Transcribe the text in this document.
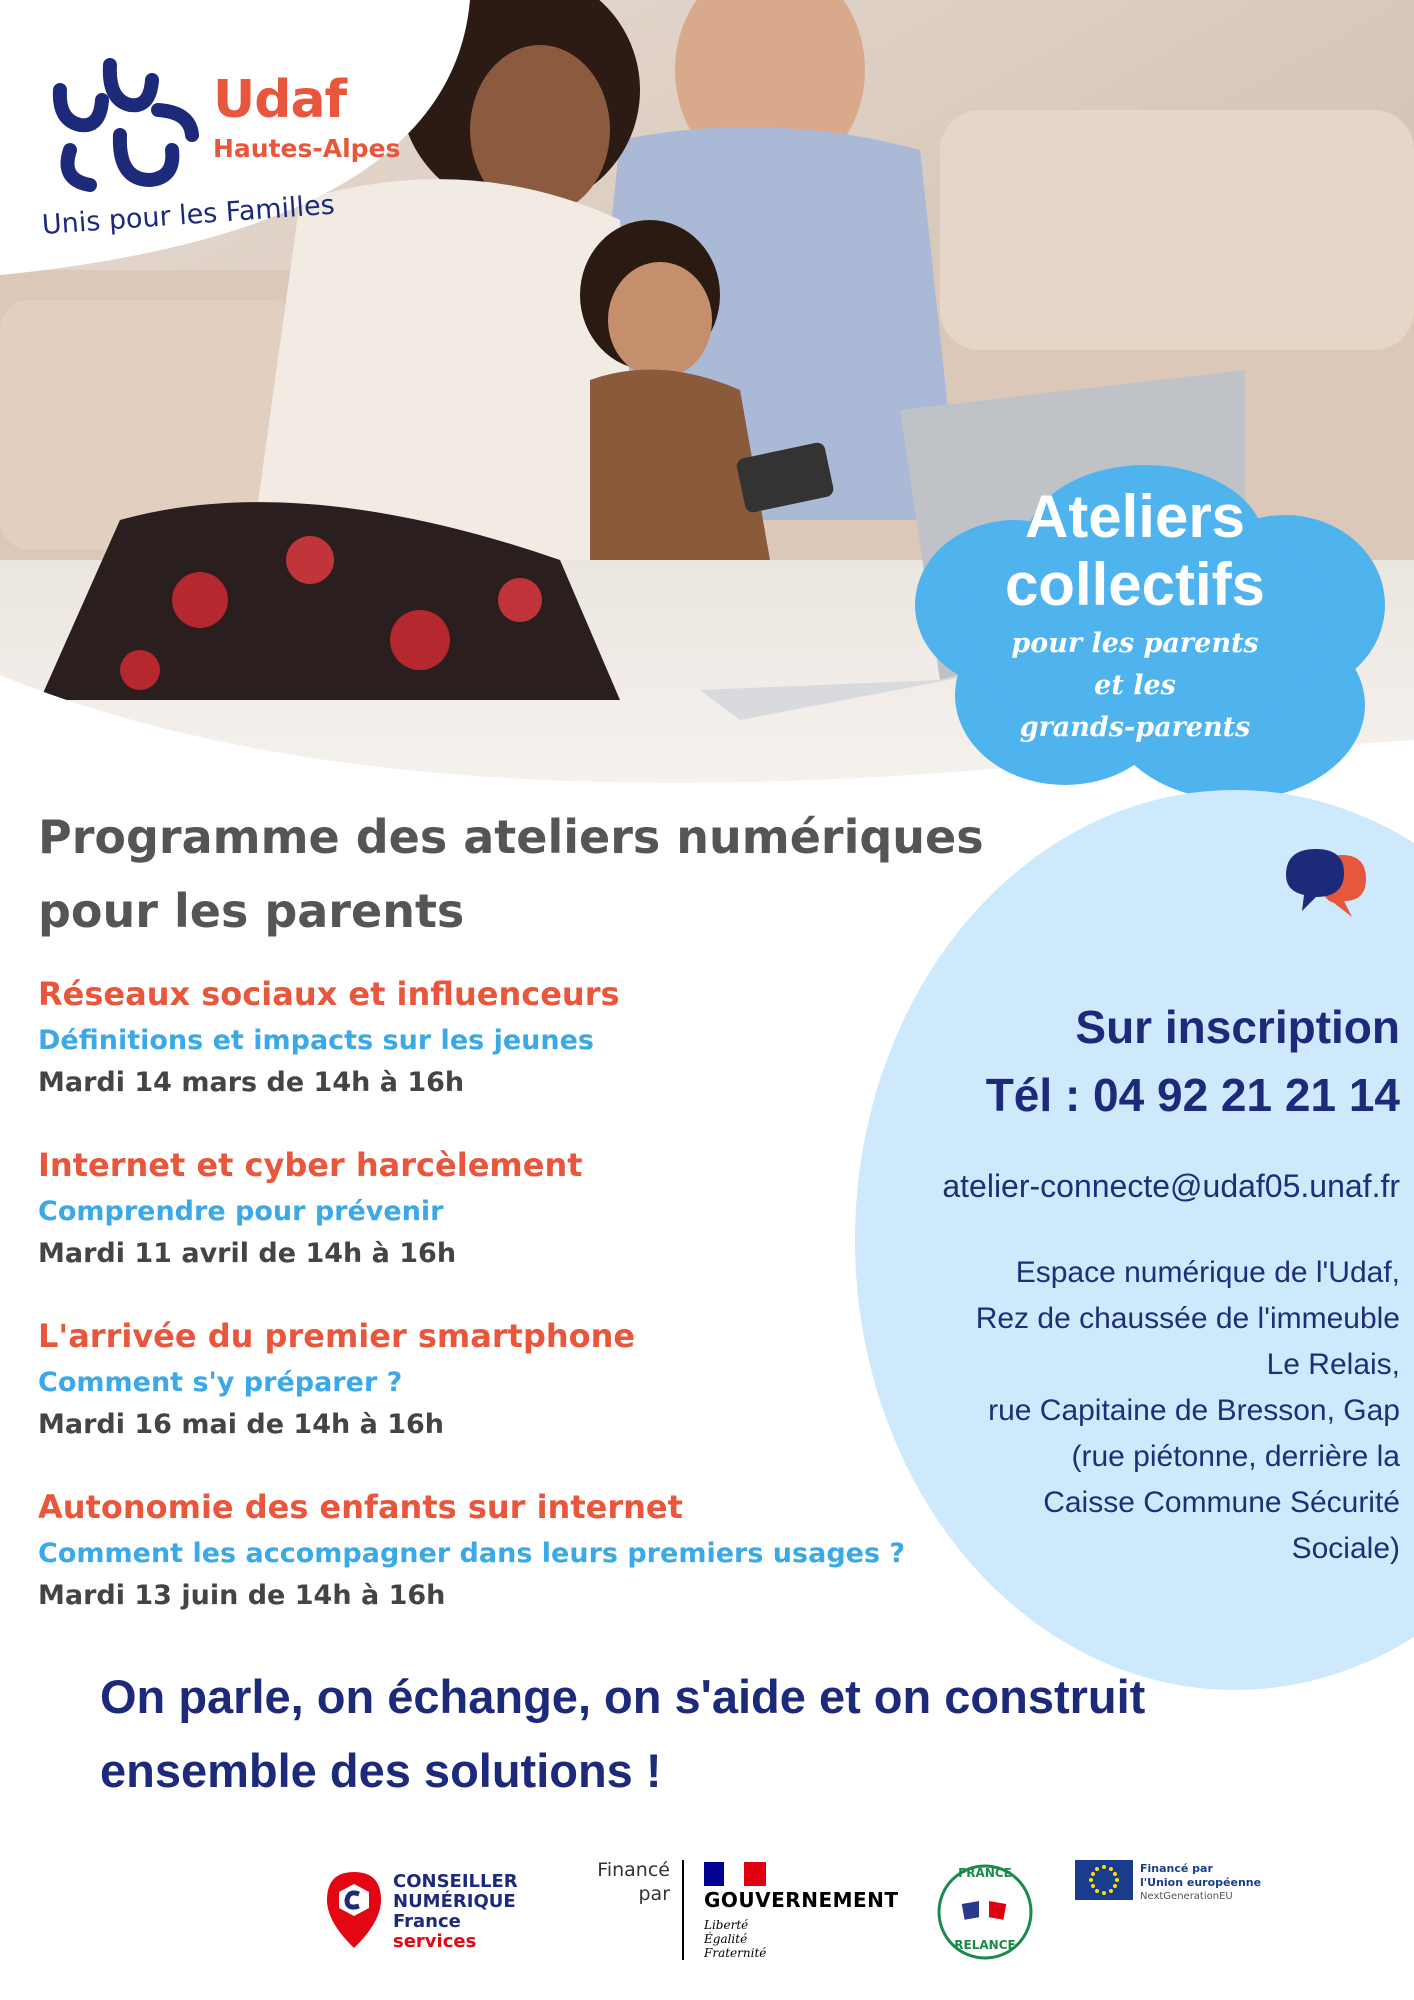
Udaf
Hautes-Alpes
Unis pour les Familles
Ateliers
collectifs
pour les parents
et les
grands-parents
Sur inscription
Tél : 04 92 21 21 14
atelier-connecte@udaf05.unaf.fr
Espace numérique de l'Udaf,
Rez de chaussée de l'immeuble
Le Relais,
rue Capitaine de Bresson, Gap
(rue piétonne, derrière la
Caisse Commune Sécurité
Sociale)
Programme des ateliers numériques pour les parents
Réseaux sociaux et influenceurs
Définitions et impacts sur les jeunes
Mardi 14 mars de 14h à 16h
Internet et cyber harcèlement
Comprendre pour prévenir
Mardi 11 avril de 14h à 16h
L'arrivée du premier smartphone
Comment s'y préparer ?
Mardi 16 mai de 14h à 16h
Autonomie des enfants sur internet
Comment les accompagner dans leurs premiers usages ?
Mardi 13 juin de 14h à 16h
On parle, on échange, on s'aide et on construit ensemble des solutions !
CONSEILLER
NUMÉRIQUE
France
services
Financé
par GOUVERNEMENT
Liberté
Égalité
Fraternité
FRANCE
RELANCE
Financé par
l'Union européenne
NextGenerationEU
